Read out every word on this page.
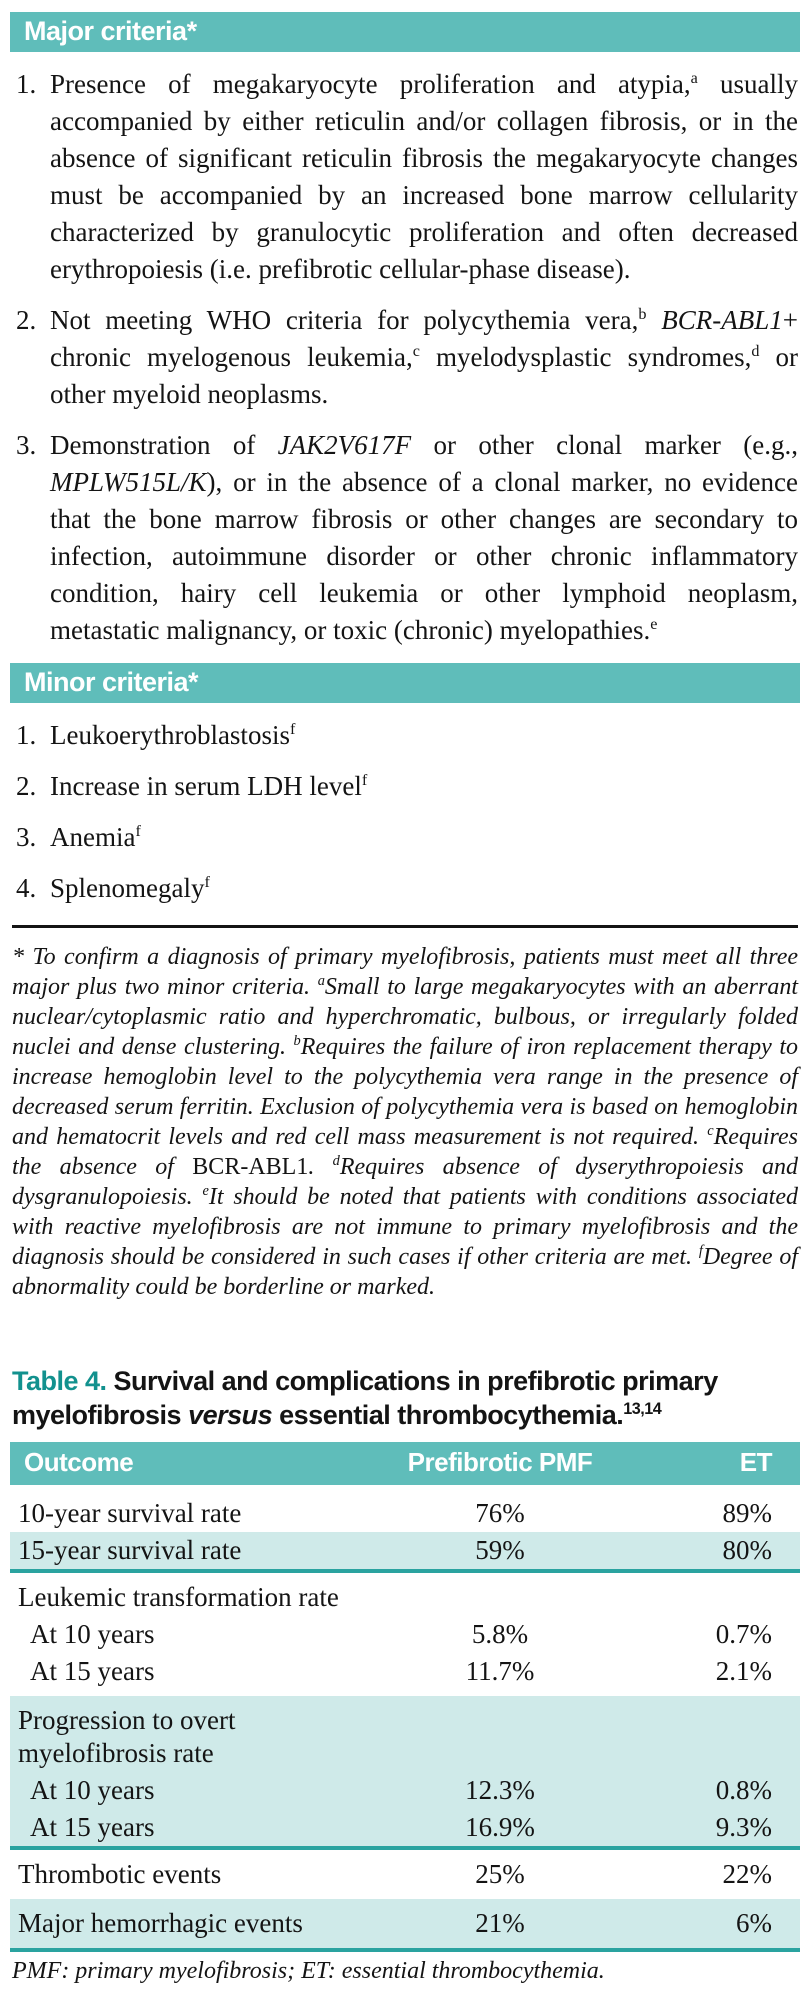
Major criteria*
1. Presence of megakaryocyte proliferation and atypia,$^a$ usually accompanied by either reticulin and/or collagen fibrosis, or in the absence of significant reticulin fibrosis the megakaryocyte changes must be accompanied by an increased bone marrow cellularity characterized by granulocytic proliferation and often decreased erythropoiesis (i.e. prefibrotic cellular-phase disease).
2. Not meeting WHO criteria for polycythemia vera,$^b$ BCR-ABL1+ chronic myelogenous leukemia,$^c$ myelodysplastic syndromes,$^d$ or other myeloid neoplasms.
3. Demonstration of JAK2V617F or other clonal marker (e.g., MPLW515L/K), or in the absence of a clonal marker, no evidence that the bone marrow fibrosis or other changes are secondary to infection, autoimmune disorder or other chronic inflammatory condition, hairy cell leukemia or other lymphoid neoplasm, metastatic malignancy, or toxic (chronic) myelopathies.$^e$
Minor criteria*
1. Leukoerythroblastosis$^f$
2. Increase in serum LDH level$^f$
3. Anemia$^f$
4. Splenomegaly$^f$
* To confirm a diagnosis of primary myelofibrosis, patients must meet all three major plus two minor criteria. $^a$Small to large megakaryocytes with an aberrant nuclear/cytoplasmic ratio and hyperchromatic, bulbous, or irregularly folded nuclei and dense clustering. $^b$Requires the failure of iron replacement therapy to increase hemoglobin level to the polycythemia vera range in the presence of decreased serum ferritin. Exclusion of polycythemia vera is based on hemoglobin and hematocrit levels and red cell mass measurement is not required. $^c$Requires the absence of BCR-ABL1. $^d$Requires absence of dyserythropoiesis and dysgranulopoiesis. $^e$It should be noted that patients with conditions associated with reactive myelofibrosis are not immune to primary myelofibrosis and the diagnosis should be considered in such cases if other criteria are met. $^f$Degree of abnormality could be borderline or marked.
Table 4. Survival and complications in prefibrotic primary myelofibrosis versus essential thrombocythemia.$^{13,14}$
Outcome	Prefibrotic PMF	ET
10-year survival rate	76%	89%
15-year survival rate	59%	80%
Leukemic transformation rate
At 10 years	5.8%	0.7%
At 15 years	11.7%	2.1%
Progression to overt myelofibrosis rate
At 10 years	12.3%	0.8%
At 15 years	16.9%	9.3%
Thrombotic events	25%	22%
Major hemorrhagic events	21%	6%
PMF: primary myelofibrosis; ET: essential thrombocythemia.
